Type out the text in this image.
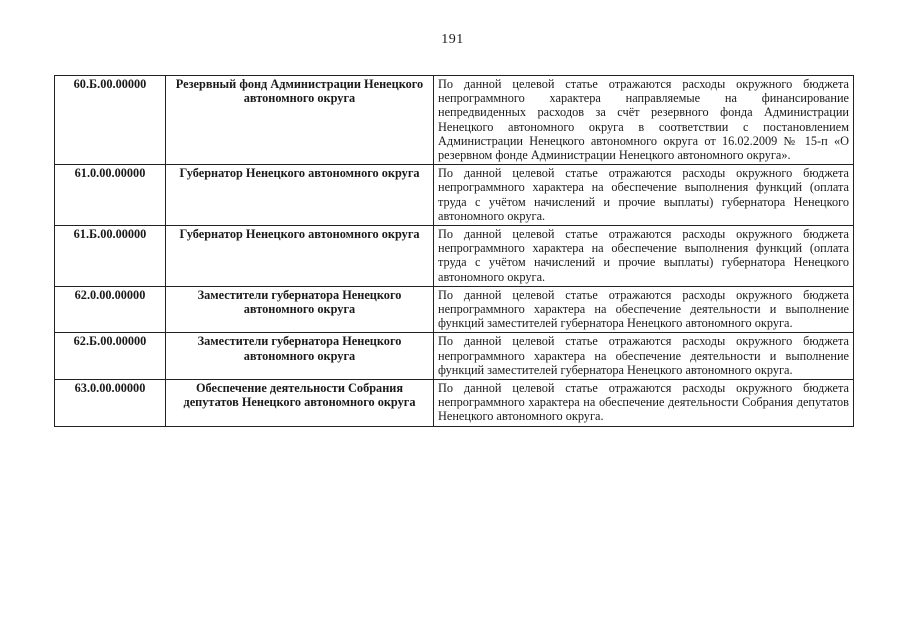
191
60.Б.00.00000	Резервный фонд Администрации Ненецкого автономного округа	По данной целевой статье отражаются расходы окружного бюджета непрограммного характера направляемые на финансирование непредвиденных расходов за счёт резервного фонда Администрации Ненецкого автономного округа в соответствии с постановлением Администрации Ненецкого автономного округа от 16.02.2009 № 15-п «О резервном фонде Администрации Ненецкого автономного округа».
61.0.00.00000	Губернатор Ненецкого автономного округа	По данной целевой статье отражаются расходы окружного бюджета непрограммного характера на обеспечение выполнения функций (оплата труда с учётом начислений и прочие выплаты) губернатора Ненецкого автономного округа.
61.Б.00.00000	Губернатор Ненецкого автономного округа	По данной целевой статье отражаются расходы окружного бюджета непрограммного характера на обеспечение выполнения функций (оплата труда с учётом начислений и прочие выплаты) губернатора Ненецкого автономного округа.
62.0.00.00000	Заместители губернатора Ненецкого автономного округа	По данной целевой статье отражаются расходы окружного бюджета непрограммного характера на обеспечение деятельности и выполнение функций заместителей губернатора Ненецкого автономного округа.
62.Б.00.00000	Заместители губернатора Ненецкого автономного округа	По данной целевой статье отражаются расходы окружного бюджета непрограммного характера на обеспечение деятельности и выполнение функций заместителей губернатора Ненецкого автономного округа.
63.0.00.00000	Обеспечение деятельности Собрания депутатов Ненецкого автономного округа	По данной целевой статье отражаются расходы окружного бюджета непрограммного характера на обеспечение деятельности Собрания депутатов Ненецкого автономного округа.
